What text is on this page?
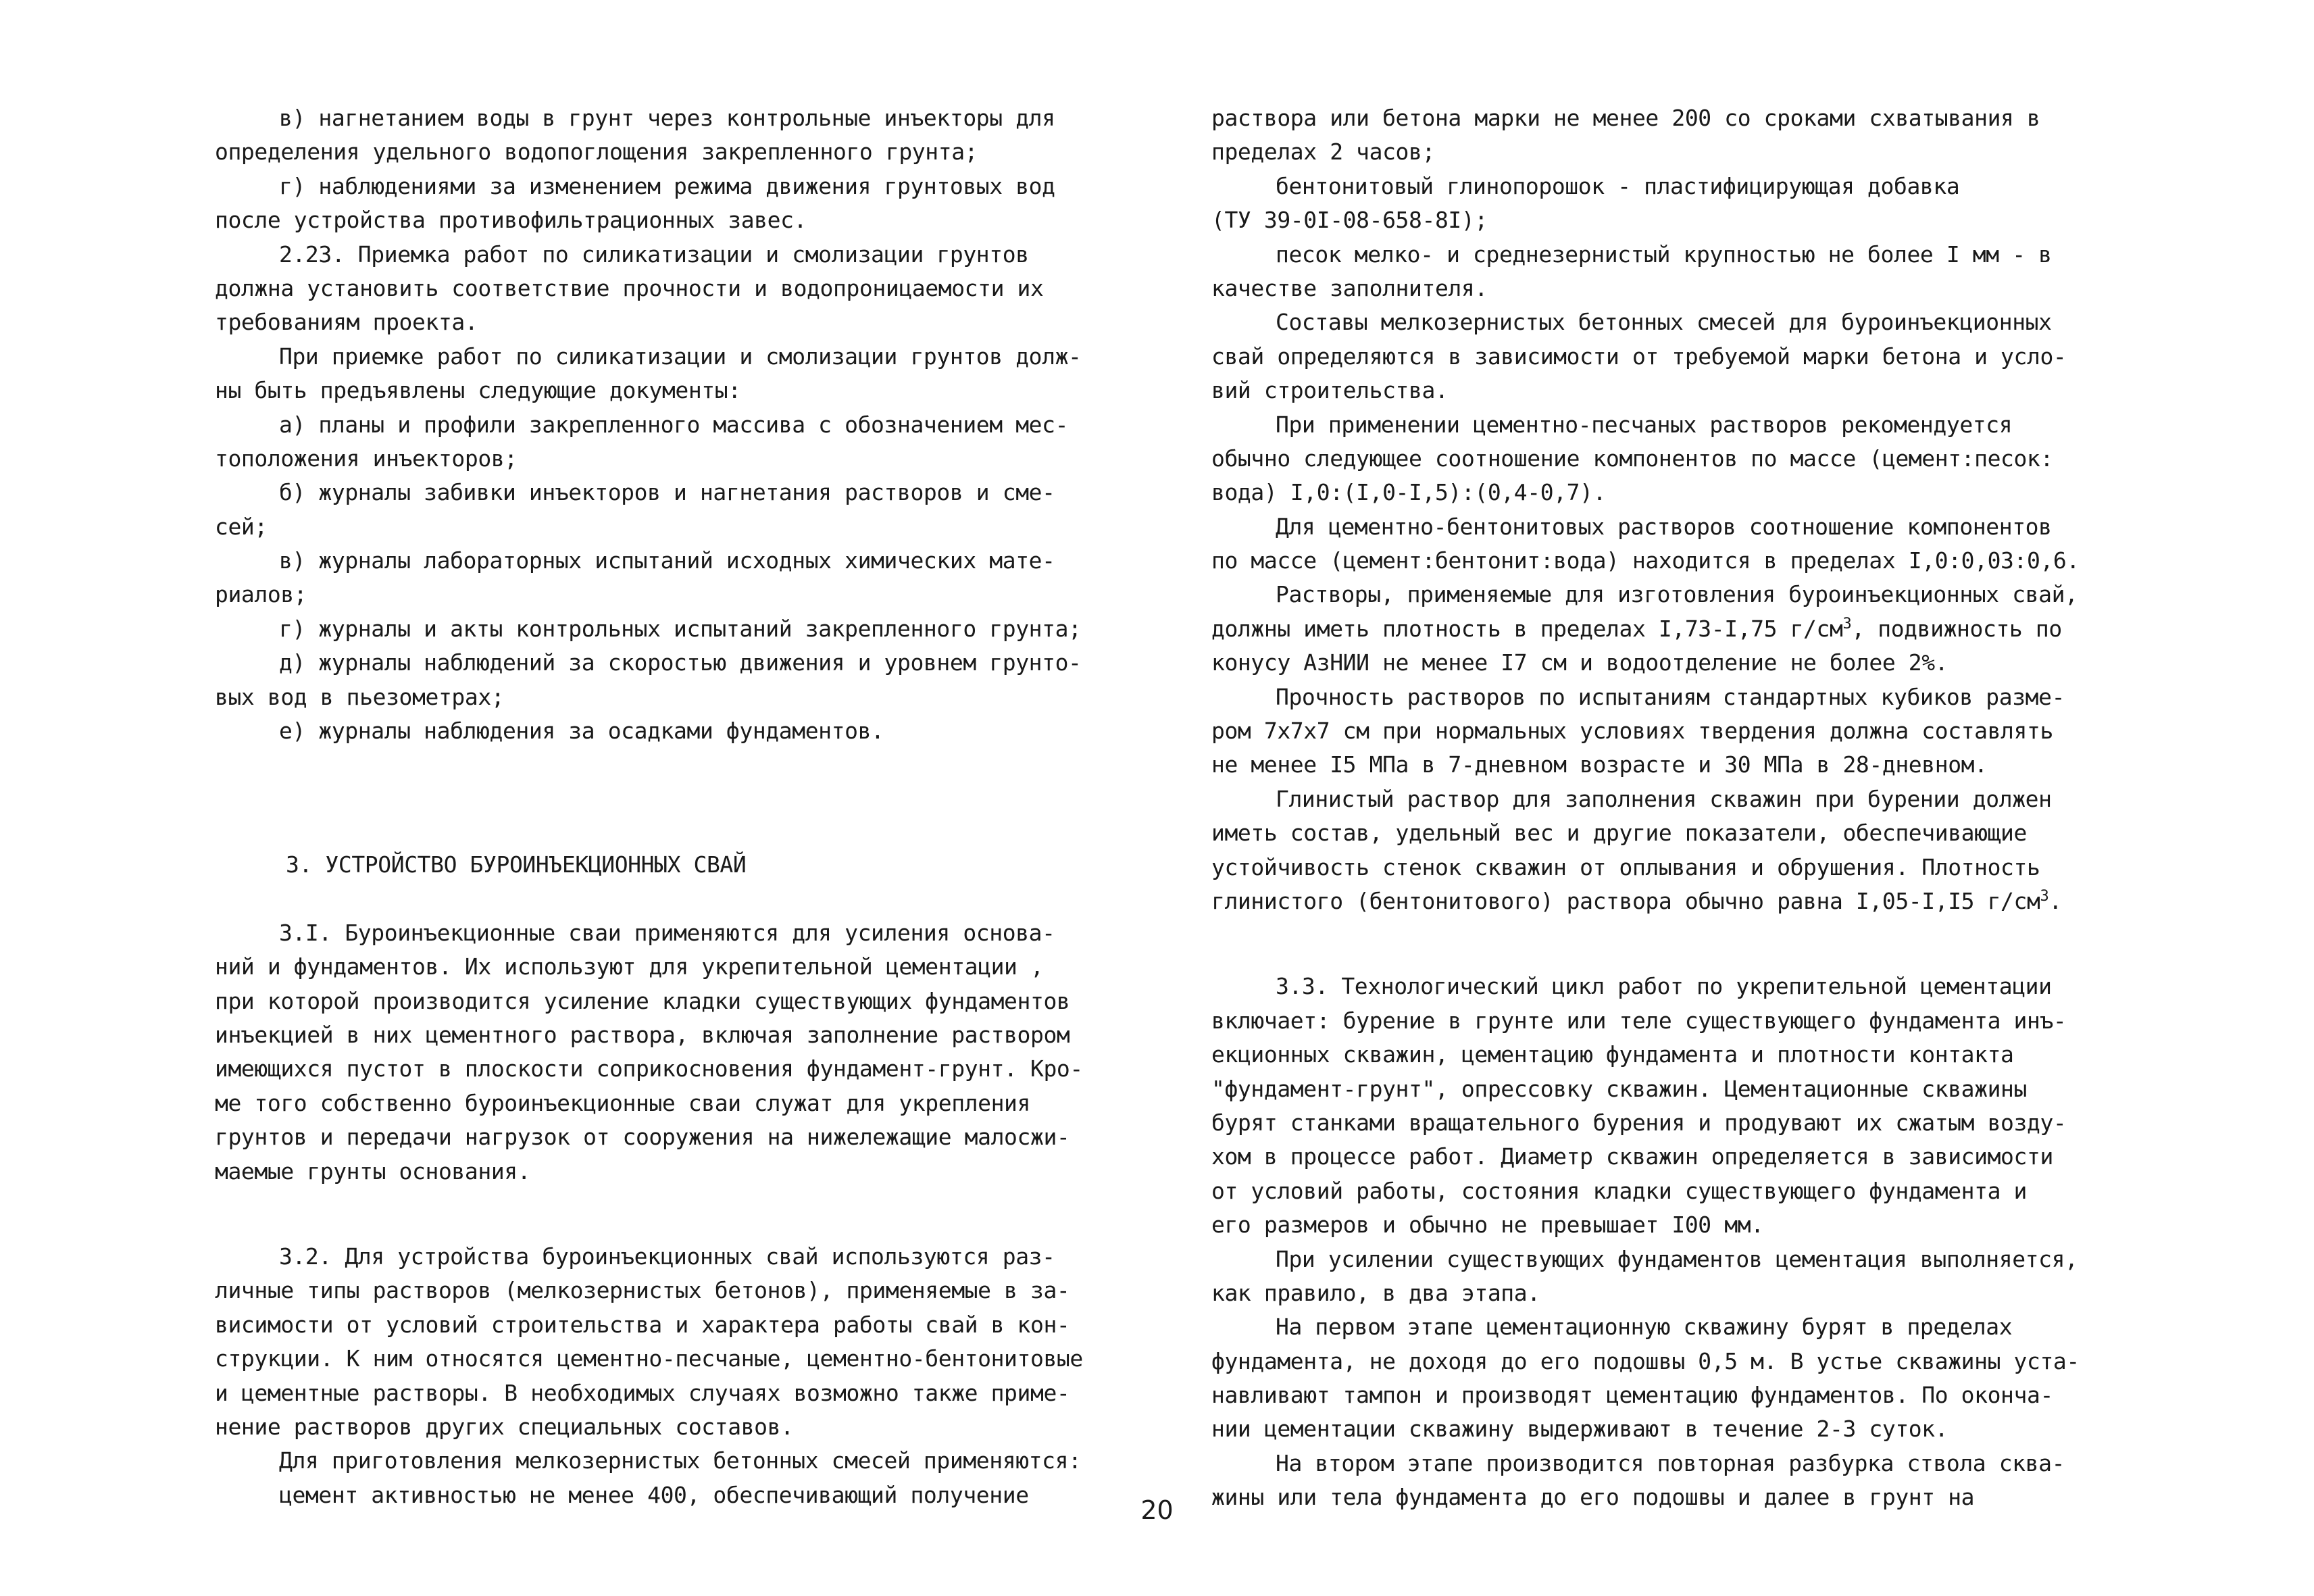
в) нагнетанием воды в грунт через контрольные инъекторы для
определения удельного водопоглощения закрепленного грунта;
г) наблюдениями за изменением режима движения грунтовых вод
после устройства противофильтрационных завес.
2.23. Приемка работ по силикатизации и смолизации грунтов
должна установить соответствие прочности и водопроницаемости их
требованиям проекта.
При приемке работ по силикатизации и смолизации грунтов долж-
ны быть предъявлены следующие документы:
а) планы и профили закрепленного массива с обозначением мес-
тоположения инъекторов;
б) журналы забивки инъекторов и нагнетания растворов и сме-
сей;
в) журналы лабораторных испытаний исходных химических мате-
риалов;
г) журналы и акты контрольных испытаний закрепленного грунта;
д) журналы наблюдений за скоростью движения и уровнем грунто-
вых вод в пьезометрах;
е) журналы наблюдения за осадками фундаментов.
3. УСТРОЙСТВО БУРОИНЪЕКЦИОННЫХ СВАЙ
3.I. Буроинъекционные сваи применяются для усиления основа-
ний и фундаментов. Их используют для укрепительной цементации ,
при которой производится усиление кладки существующих фундаментов
инъекцией в них цементного раствора, включая заполнение раствором
имеющихся пустот в плоскости соприкосновения фундамент-грунт. Кро-
ме того собственно буроинъекционные сваи служат для укрепления
грунтов и передачи нагрузок от сооружения на нижележащие малосжи-
маемые грунты основания.
3.2. Для устройства буроинъекционных свай используются раз-
личные типы растворов (мелкозернистых бетонов), применяемые в за-
висимости от условий строительства и характера работы свай в кон-
струкции. К ним относятся цементно-песчаные, цементно-бентонитовые
и цементные растворы. В необходимых случаях возможно также приме-
нение растворов других специальных составов.
Для приготовления мелкозернистых бетонных смесей применяются:
цемент активностью не менее 400, обеспечивающий получение
раствора или бетона марки не менее 200 со сроками схватывания в
пределах 2 часов;
бентонитовый глинопорошок - пластифицирующая добавка
(ТУ 39-0I-08-658-8I);
песок мелко- и среднезернистый крупностью не более I мм - в
качестве заполнителя.
Составы мелкозернистых бетонных смесей для буроинъекционных
свай определяются в зависимости от требуемой марки бетона и усло-
вий строительства.
При применении цементно-песчаных растворов рекомендуется
обычно следующее соотношение компонентов по массе (цемент:песок:
вода) I,0:(I,0-I,5):(0,4-0,7).
Для цементно-бентонитовых растворов соотношение компонентов
по массе (цемент:бентонит:вода) находится в пределах I,0:0,03:0,6.
Растворы, применяемые для изготовления буроинъекционных свай,
должны иметь плотность в пределах I,73-I,75 $г/см^3$, подвижность по
конусу АзНИИ не менее I7 см и водоотделение не более 2%.
Прочность растворов по испытаниям стандартных кубиков разме-
ром 7х7х7 см при нормальных условиях твердения должна составлять
не менее I5 МПа в 7-дневном возрасте и 30 МПа в 28-дневном.
Глинистый раствор для заполнения скважин при бурении должен
иметь состав, удельный вес и другие показатели, обеспечивающие
устойчивость стенок скважин от оплывания и обрушения. Плотность
глинистого (бентонитового) раствора обычно равна I,05-I,I5 $г/см^3$.
3.3. Технологический цикл работ по укрепительной цементации
включает: бурение в грунте или теле существующего фундамента инъ-
екционных скважин, цементацию фундамента и плотности контакта
"фундамент-грунт", опрессовку скважин. Цементационные скважины
бурят станками вращательного бурения и продувают их сжатым возду-
хом в процессе работ. Диаметр скважин определяется в зависимости
от условий работы, состояния кладки существующего фундамента и
его размеров и обычно не превышает I00 мм.
При усилении существующих фундаментов цементация выполняется,
как правило, в два этапа.
На первом этапе цементационную скважину бурят в пределах
фундамента, не доходя до его подошвы 0,5 м. В устье скважины уста-
навливают тампон и производят цементацию фундаментов. По оконча-
нии цементации скважину выдерживают в течение 2-3 суток.
На втором этапе производится повторная разбурка ствола сква-
жины или тела фундамента до его подошвы и далее в грунт на
20
